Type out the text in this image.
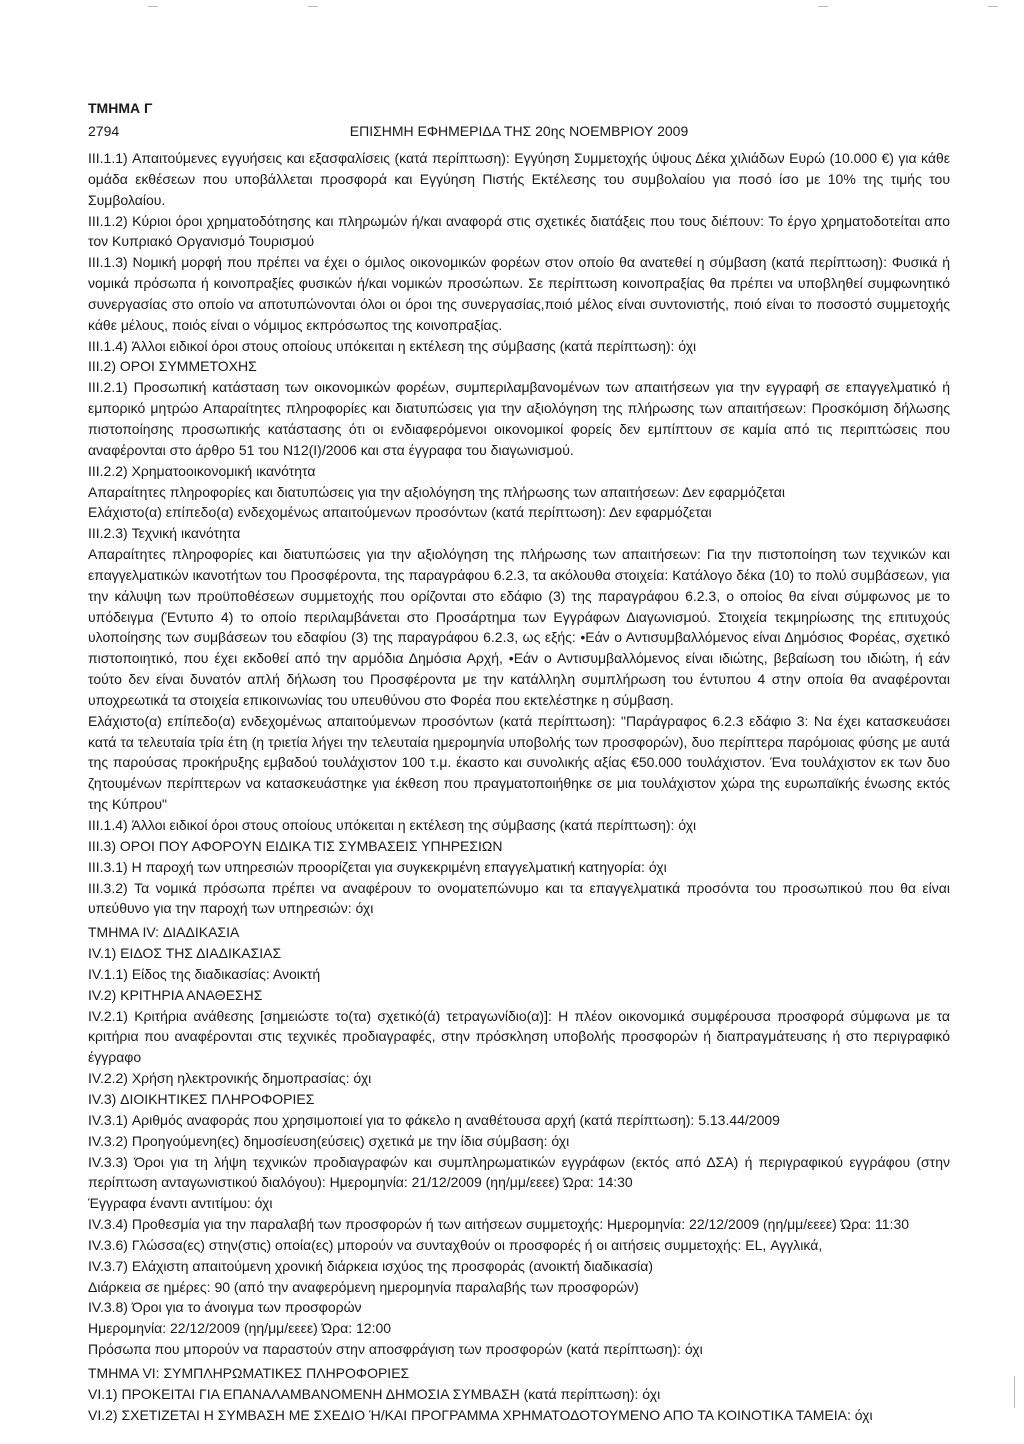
ΤΜΗΜΑ Γ
2794	ΕΠΙΣΗΜΗ ΕΦΗΜΕΡΙΔΑ ΤΗΣ 20ης ΝΟΕΜΒΡΙΟΥ 2009

III.1.1) Απαιτούμενες εγγυήσεις και εξασφαλίσεις (κατά περίπτωση): Εγγύηση Συμμετοχής ύψους Δέκα χιλιάδων Ευρώ (10.000 €) για κάθε ομάδα εκθέσεων που υποβάλλεται προσφορά και Εγγύηση Πιστής Εκτέλεσης του συμβολαίου για ποσό ίσο με 10% της τιμής του Συμβολαίου.

III.1.2) Κύριοι όροι χρηματοδότησης και πληρωμών ή/και αναφορά στις σχετικές διατάξεις που τους διέπουν: Το έργο χρηματοδοτείται απο τον Κυπριακό Οργανισμό Τουρισμού

III.1.3) Νομική μορφή που πρέπει να έχει ο όμιλος οικονομικών φορέων στον οποίο θα ανατεθεί η σύμβαση (κατά περίπτωση): Φυσικά ή νομικά πρόσωπα ή κοινοπραξίες φυσικών ή/και νομικών προσώπων. Σε περίπτωση κοινοπραξίας θα πρέπει να υποβληθεί συμφωνητικό συνεργασίας στο οποίο να αποτυπώνονται όλοι οι όροι της συνεργασίας,ποιό μέλος είναι συντονιστής, ποιό είναι το ποσοστό συμμετοχής κάθε μέλους, ποιός είναι ο νόμιμος εκπρόσωπος της κοινοπραξίας.

III.1.4) Άλλοι ειδικοί όροι στους οποίους υπόκειται η εκτέλεση της σύμβασης (κατά περίπτωση): όχι

III.2) ΟΡΟΙ ΣΥΜΜΕΤΟΧΗΣ

III.2.1) Προσωπική κατάσταση των οικονομικών φορέων, συμπεριλαμβανομένων των απαιτήσεων για την εγγραφή σε επαγγελματικό ή εμπορικό μητρώο Απαραίτητες πληροφορίες και διατυπώσεις για την αξιολόγηση της πλήρωσης των απαιτήσεων: Προσκόμιση δήλωσης πιστοποίησης προσωπικής κατάστασης ότι οι ενδιαφερόμενοι οικονομικοί φορείς δεν εμπίπτουν σε καμία από τις περιπτώσεις που αναφέρονται στο άρθρο 51 του Ν12(Ι)/2006 και στα έγγραφα του διαγωνισμού.

III.2.2) Χρηματοοικονομική ικανότητα

Απαραίτητες πληροφορίες και διατυπώσεις για την αξιολόγηση της πλήρωσης των απαιτήσεων: Δεν εφαρμόζεται

Ελάχιστο(α) επίπεδο(α) ενδεχομένως απαιτούμενων προσόντων (κατά περίπτωση): Δεν εφαρμόζεται

III.2.3) Τεχνική ικανότητα

Απαραίτητες πληροφορίες και διατυπώσεις για την αξιολόγηση της πλήρωσης των απαιτήσεων: Για την πιστοποίηση των τεχνικών και επαγγελματικών ικανοτήτων του Προσφέροντα, της παραγράφου 6.2.3, τα ακόλουθα στοιχεία: Κατάλογο δέκα (10) το πολύ συμβάσεων, για την κάλυψη των προϋποθέσεων συμμετοχής που ορίζονται στο εδάφιο (3) της παραγράφου 6.2.3, ο οποίος θα είναι σύμφωνος με το υπόδειγμα (Έντυπο 4) το οποίο περιλαμβάνεται στο Προσάρτημα των Εγγράφων Διαγωνισμού. Στοιχεία τεκμηρίωσης της επιτυχούς υλοποίησης των συμβάσεων του εδαφίου (3) της παραγράφου 6.2.3, ως εξής: •Εάν ο Αντισυμβαλλόμενος είναι Δημόσιος Φορέας, σχετικό πιστοποιητικό, που έχει εκδοθεί από την αρμόδια Δημόσια Αρχή, •Εάν ο Αντισυμβαλλόμενος είναι ιδιώτης, βεβαίωση του ιδιώτη, ή εάν τούτο δεν είναι δυνατόν απλή δήλωση του Προσφέροντα με την κατάλληλη συμπλήρωση του έντυπου 4 στην οποία θα αναφέρονται υποχρεωτικά τα στοιχεία επικοινωνίας του υπευθύνου στο Φορέα που εκτελέστηκε η σύμβαση.

Ελάχιστο(α) επίπεδο(α) ενδεχομένως απαιτούμενων προσόντων (κατά περίπτωση): "Παράγραφος 6.2.3 εδάφιο 3: Να έχει κατασκευάσει κατά τα τελευταία τρία έτη (η τριετία λήγει την τελευταία ημερομηνία υποβολής των προσφορών), δυο περίπτερα παρόμοιας φύσης με αυτά της παρούσας προκήρυξης εμβαδού τουλάχιστον 100 τ.μ. έκαστο και συνολικής αξίας €50.000 τουλάχιστον. Ένα τουλάχιστον εκ των δυο ζητουμένων περίπτερων να κατασκευάστηκε για έκθεση που πραγματοποιήθηκε σε μια τουλάχιστον χώρα της ευρωπαϊκής ένωσης εκτός της Κύπρου"

III.1.4) Άλλοι ειδικοί όροι στους οποίους υπόκειται η εκτέλεση της σύμβασης (κατά περίπτωση): όχι

III.3) ΟΡΟΙ ΠΟΥ ΑΦΟΡΟΥΝ ΕΙΔΙΚΑ ΤΙΣ ΣΥΜΒΑΣΕΙΣ ΥΠΗΡΕΣΙΩΝ

III.3.1) Η παροχή των υπηρεσιών προορίζεται για συγκεκριμένη επαγγελματική κατηγορία: όχι

III.3.2) Τα νομικά πρόσωπα πρέπει να αναφέρουν το ονοματεπώνυμο και τα επαγγελματικά προσόντα του προσωπικού που θα είναι υπεύθυνο για την παροχή των υπηρεσιών: όχι

ΤΜΗΜΑ IV: ΔΙΑΔΙΚΑΣΙΑ

IV.1) ΕΙΔΟΣ ΤΗΣ ΔΙΑΔΙΚΑΣΙΑΣ

IV.1.1) Είδος της διαδικασίας: Ανοικτή

IV.2) ΚΡΙΤΗΡΙΑ ΑΝΑΘΕΣΗΣ

IV.2.1) Κριτήρια ανάθεσης [σημειώστε το(τα) σχετικό(ά) τετραγωνίδιο(α)]: Η πλέον οικονομικά συμφέρουσα προσφορά σύμφωνα με τα κριτήρια που αναφέρονται στις τεχνικές προδιαγραφές, στην πρόσκληση υποβολής προσφορών ή διαπραγμάτευσης ή στο περιγραφικό έγγραφο

IV.2.2) Χρήση ηλεκτρονικής δημοπρασίας: όχι

IV.3) ΔΙΟΙΚΗΤΙΚΕΣ ΠΛΗΡΟΦΟΡΙΕΣ

IV.3.1) Αριθμός αναφοράς που χρησιμοποιεί για το φάκελο η αναθέτουσα αρχή (κατά περίπτωση): 5.13.44/2009

IV.3.2) Προηγούμενη(ες) δημοσίευση(εύσεις) σχετικά με την ίδια σύμβαση: όχι

IV.3.3) Όροι για τη λήψη τεχνικών προδιαγραφών και συμπληρωματικών εγγράφων (εκτός από ΔΣΑ) ή περιγραφικού εγγράφου (στην περίπτωση ανταγωνιστικού διαλόγου): Ημερομηνία: 21/12/2009 (ηη/μμ/εεεε) Ώρα: 14:30

Έγγραφα έναντι αντιτίμου: όχι

IV.3.4) Προθεσμία για την παραλαβή των προσφορών ή των αιτήσεων συμμετοχής: Ημερομηνία: 22/12/2009 (ηη/μμ/εεεε) Ώρα: 11:30

IV.3.6) Γλώσσα(ες) στην(στις) οποία(ες) μπορούν να συνταχθούν οι προσφορές ή οι αιτήσεις συμμετοχής: EL, Αγγλικά,

IV.3.7) Ελάχιστη απαιτούμενη χρονική διάρκεια ισχύος της προσφοράς (ανοικτή διαδικασία)

Διάρκεια σε ημέρες: 90 (από την αναφερόμενη ημερομηνία παραλαβής των προσφορών)

IV.3.8) Όροι για το άνοιγμα των προσφορών

Ημερομηνία: 22/12/2009 (ηη/μμ/εεεε) Ώρα: 12:00

Πρόσωπα που μπορούν να παραστούν στην αποσφράγιση των προσφορών (κατά περίπτωση): όχι

ΤΜΗΜΑ VI: ΣΥΜΠΛΗΡΩΜΑΤΙΚΕΣ ΠΛΗΡΟΦΟΡΙΕΣ

VI.1) ΠΡΟΚΕΙΤΑΙ ΓΙΑ ΕΠΑΝΑΛΑΜΒΑΝΟΜΕΝΗ ΔΗΜΟΣΙΑ ΣΥΜΒΑΣΗ (κατά περίπτωση): όχι

VI.2) ΣΧΕΤΙΖΕΤΑΙ Η ΣΥΜΒΑΣΗ ΜΕ ΣΧΕΔΙΟ Ή/ΚΑΙ ΠΡΟΓΡΑΜΜΑ ΧΡΗΜΑΤΟΔΟΤΟΥΜΕΝΟ ΑΠΟ ΤΑ ΚΟΙΝΟΤΙΚΑ ΤΑΜΕΙΑ: όχι
